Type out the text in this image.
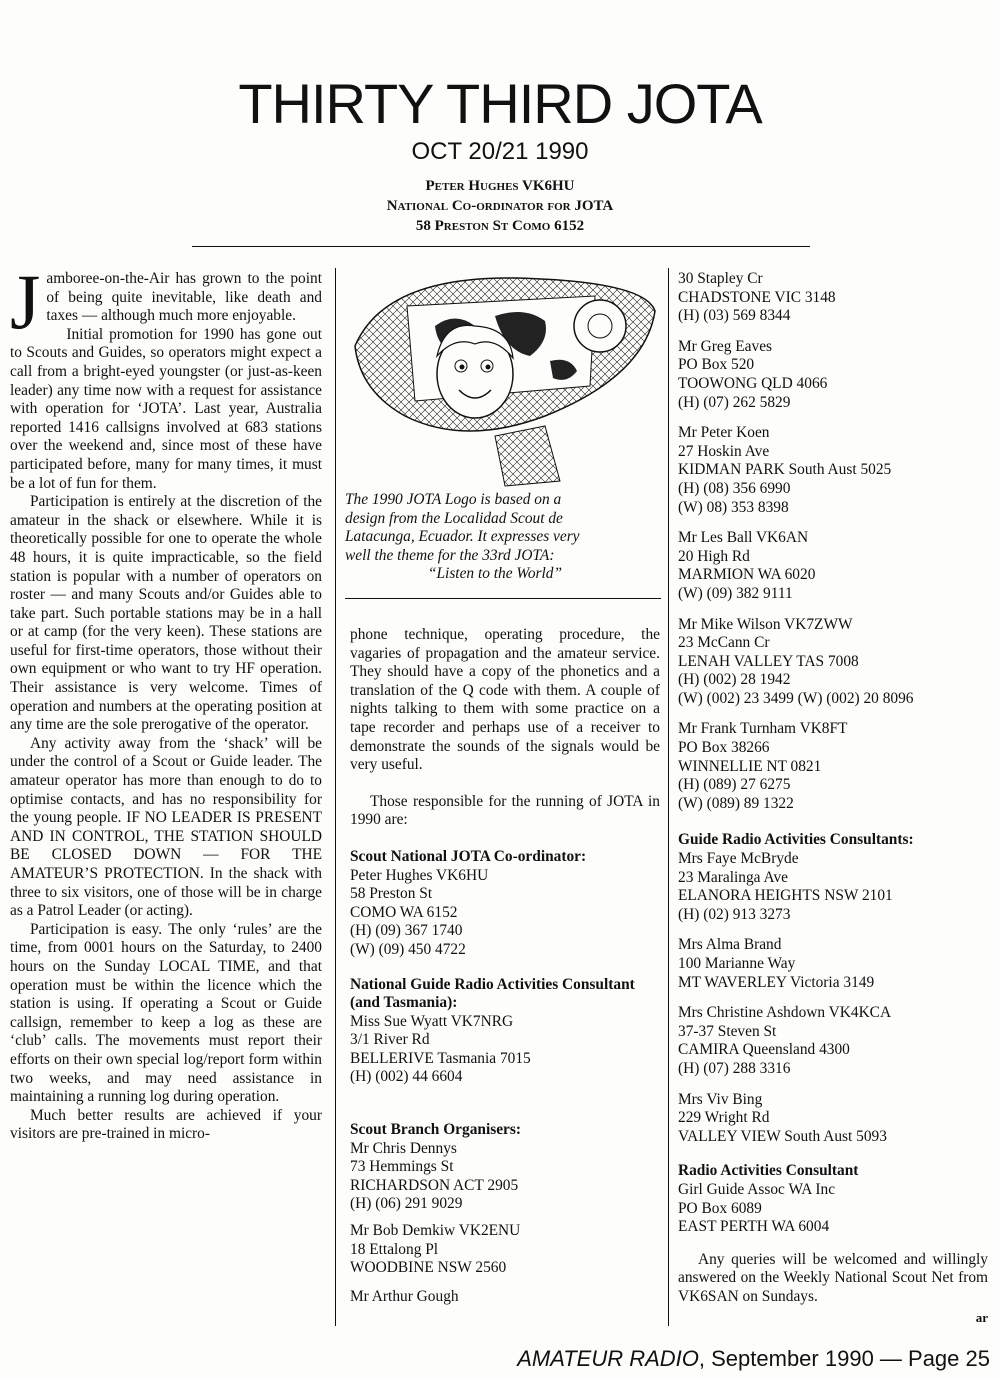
THIRTY THIRD JOTA
OCT 20/21 1990
Peter Hughes VK6HU
National Co-ordinator for JOTA
58 Preston St Como 6152

Jamboree-on-the-Air has grown to the point of being quite inevitable, like death and taxes — although much more enjoyable.

Initial promotion for 1990 has gone out to Scouts and Guides, so operators might expect a call from a bright-eyed youngster (or just-as-keen leader) any time now with a request for assistance with operation for ‘JOTA’. Last year, Australia reported 1416 callsigns involved at 683 stations over the weekend and, since most of these have participated before, many for many times, it must be a lot of fun for them.

Participation is entirely at the discretion of the amateur in the shack or elsewhere. While it is theoretically possible for one to operate the whole 48 hours, it is quite impracticable, so the field station is popular with a number of operators on roster — and many Scouts and/or Guides able to take part. Such portable stations may be in a hall or at camp (for the very keen). These stations are useful for first-time operators, those without their own equipment or who want to try HF operation. Their assistance is very welcome. Times of operation and numbers at the operating position at any time are the sole prerogative of the operator.

Any activity away from the ‘shack’ will be under the control of a Scout or Guide leader. The amateur operator has more than enough to do to optimise contacts, and has no responsibility for the young people. IF NO LEADER IS PRESENT AND IN CONTROL, THE STATION SHOULD BE CLOSED DOWN — FOR THE AMATEUR’S PROTECTION. In the shack with three to six visitors, one of those will be in charge as a Patrol Leader (or acting).

Participation is easy. The only ‘rules’ are the time, from 0001 hours on the Saturday, to 2400 hours on the Sunday LOCAL TIME, and that operation must be within the licence which the station is using. If operating a Scout or Guide callsign, remember to keep a log as these are ‘club’ calls. The movements must report their efforts on their own special log/report form within two weeks, and may need assistance in maintaining a running log during operation.

Much better results are achieved if your visitors are pre-trained in micro-

The 1990 JOTA Logo is based on a
design from the Localidad Scout de
Latacunga, Ecuador. It expresses very
well the theme for the 33rd JOTA:
“Listen to the World”

phone technique, operating procedure, the vagaries of propagation and the amateur service. They should have a copy of the phonetics and a translation of the Q code with them. A couple of nights talking to them with some practice on a tape recorder and perhaps use of a receiver to demonstrate the sounds of the signals would be very useful.

Those responsible for the running of JOTA in 1990 are:

Scout National JOTA Co-ordinator:
Peter Hughes VK6HU
58 Preston St
COMO WA 6152
(H) (09) 367 1740
(W) (09) 450 4722
National Guide Radio Activities Consultant (and Tasmania):
Miss Sue Wyatt VK7NRG
3/1 River Rd
BELLERIVE Tasmania 7015
(H) (002) 44 6604
Scout Branch Organisers:
Mr Chris Dennys
73 Hemmings St
RICHARDSON ACT 2905
(H) (06) 291 9029
Mr Bob Demkiw VK2ENU
18 Ettalong Pl
WOODBINE NSW 2560
Mr Arthur Gough
30 Stapley Cr
CHADSTONE VIC 3148
(H) (03) 569 8344
Mr Greg Eaves
PO Box 520
TOOWONG QLD 4066
(H) (07) 262 5829
Mr Peter Koen
27 Hoskin Ave
KIDMAN PARK South Aust 5025
(H) (08) 356 6990
(W) 08) 353 8398
Mr Les Ball VK6AN
20 High Rd
MARMION WA 6020
(W) (09) 382 9111
Mr Mike Wilson VK7ZWW
23 McCann Cr
LENAH VALLEY TAS 7008
(H) (002) 28 1942
(W) (002) 23 3499 (W) (002) 20 8096
Mr Frank Turnham VK8FT
PO Box 38266
WINNELLIE NT 0821
(H) (089) 27 6275
(W) (089) 89 1322
Guide Radio Activities Consultants:
Mrs Faye McBryde
23 Maralinga Ave
ELANORA HEIGHTS NSW 2101
(H) (02) 913 3273
Mrs Alma Brand
100 Marianne Way
MT WAVERLEY Victoria 3149
Mrs Christine Ashdown VK4KCA
37-37 Steven St
CAMIRA Queensland 4300
(H) (07) 288 3316
Mrs Viv Bing
229 Wright Rd
VALLEY VIEW South Aust 5093
Radio Activities Consultant
Girl Guide Assoc WA Inc
PO Box 6089
EAST PERTH WA 6004

Any queries will be welcomed and willingly answered on the Weekly National Scout Net from VK6SAN on Sundays.

ar
AMATEUR RADIO, September 1990 — Page 25
